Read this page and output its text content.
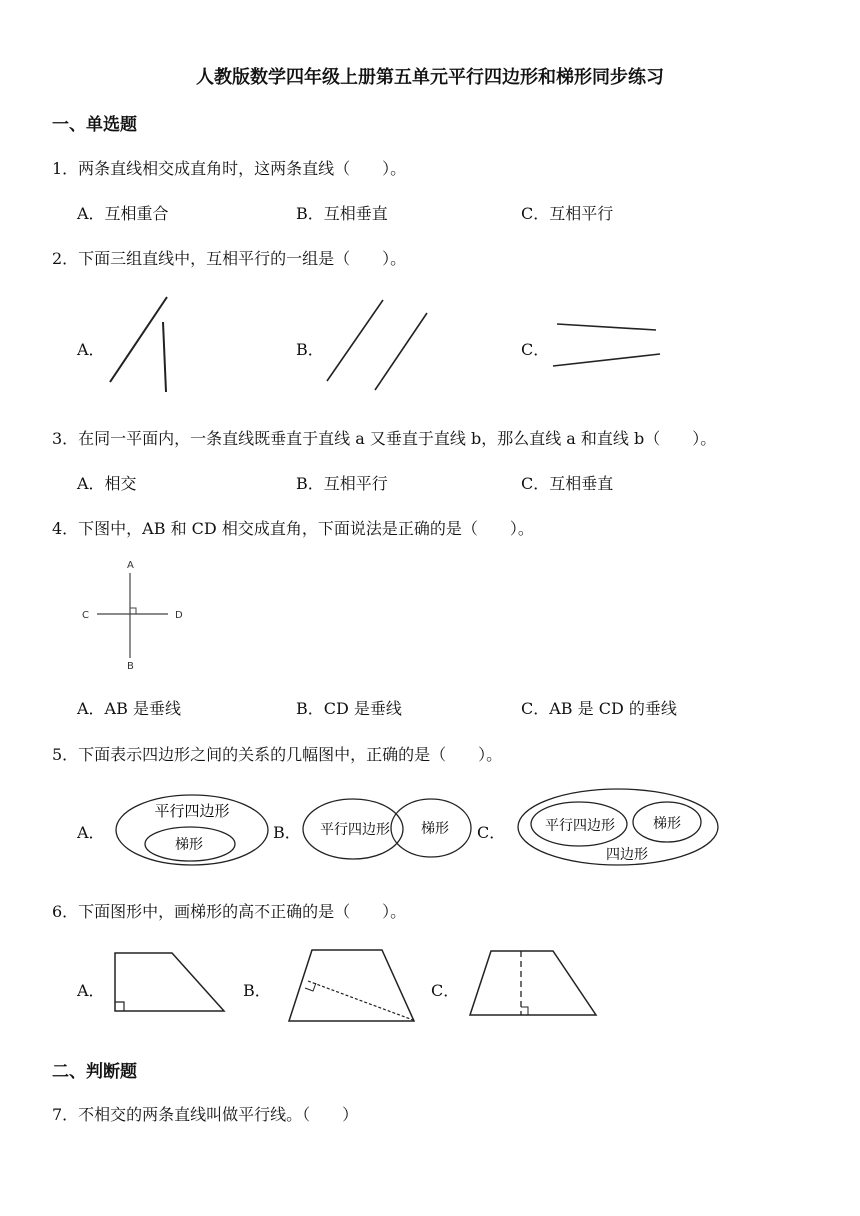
人教版数学四年级上册第五单元平行四边形和梯形同步练习
一、单选题
1．两条直线相交成直角时，这两条直线（　　）。
A．互相重合	B．互相垂直	C．互相平行
2．下面三组直线中，互相平行的一组是（　　）。
A．	B．	C．
3．在同一平面内，一条直线既垂直于直线 a 又垂直于直线 b，那么直线 a 和直线 b（　　）。
A．相交	B．互相平行	C．互相垂直
4．下图中，AB 和 CD 相交成直角，下面说法是正确的是（　　）。
A
B
C	D
A．AB 是垂线	B．CD 是垂线	C．AB 是 CD 的垂线
5．下面表示四边形之间的关系的几幅图中，正确的是（　　）。
A．
平行四边形
梯形
B． 平行四边形 梯形 C．	平行四边形	梯形
四边形
6．下面图形中，画梯形的高不正确的是（　　）。
A．	B．	C．
二、判断题
7．不相交的两条直线叫做平行线。（　　）
